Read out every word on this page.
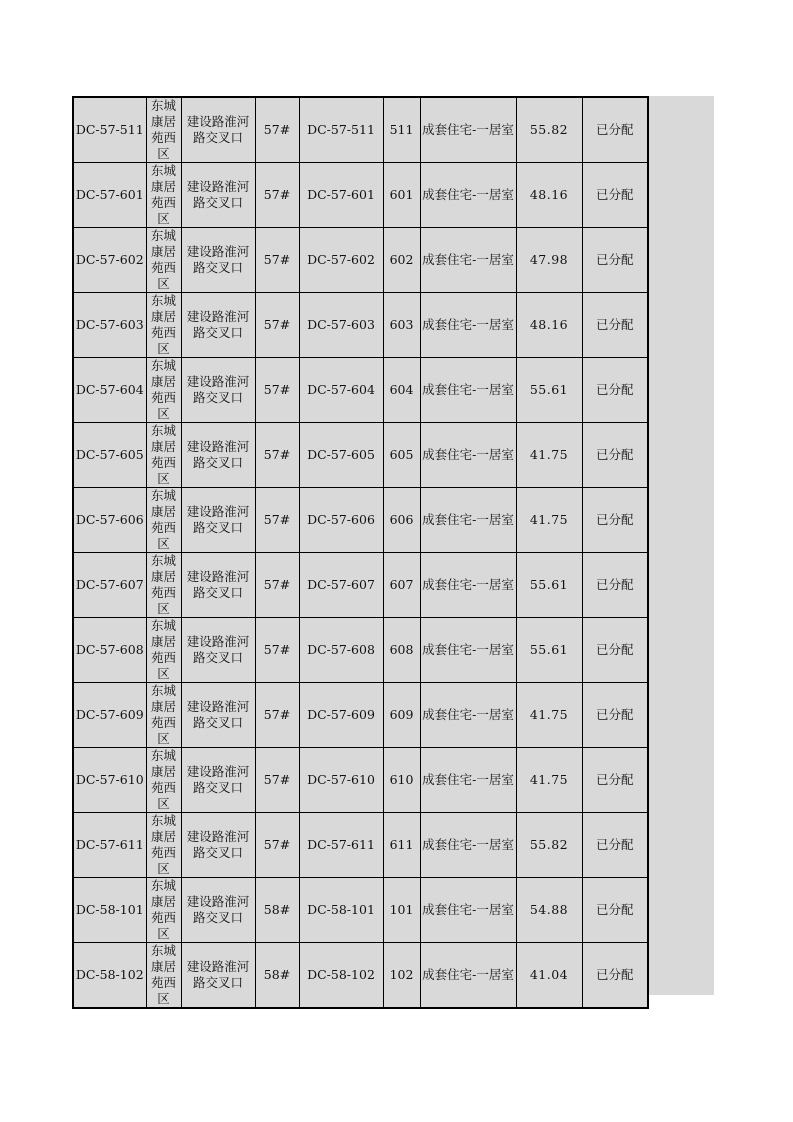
DC-57-511	东城
康居
苑西
区	建设路淮河路交叉口	57#	DC-57-511	511	成套住宅-一居室	55.82	已分配
DC-57-601	东城
康居
苑西
区	建设路淮河路交叉口	57#	DC-57-601	601	成套住宅-一居室	48.16	已分配
DC-57-602	东城
康居
苑西
区	建设路淮河路交叉口	57#	DC-57-602	602	成套住宅-一居室	47.98	已分配
DC-57-603	东城
康居
苑西
区	建设路淮河路交叉口	57#	DC-57-603	603	成套住宅-一居室	48.16	已分配
DC-57-604	东城
康居
苑西
区	建设路淮河路交叉口	57#	DC-57-604	604	成套住宅-一居室	55.61	已分配
DC-57-605	东城
康居
苑西
区	建设路淮河路交叉口	57#	DC-57-605	605	成套住宅-一居室	41.75	已分配
DC-57-606	东城
康居
苑西
区	建设路淮河路交叉口	57#	DC-57-606	606	成套住宅-一居室	41.75	已分配
DC-57-607	东城
康居
苑西
区	建设路淮河路交叉口	57#	DC-57-607	607	成套住宅-一居室	55.61	已分配
DC-57-608	东城
康居
苑西
区	建设路淮河路交叉口	57#	DC-57-608	608	成套住宅-一居室	55.61	已分配
DC-57-609	东城
康居
苑西
区	建设路淮河路交叉口	57#	DC-57-609	609	成套住宅-一居室	41.75	已分配
DC-57-610	东城
康居
苑西
区	建设路淮河路交叉口	57#	DC-57-610	610	成套住宅-一居室	41.75	已分配
DC-57-611	东城
康居
苑西
区	建设路淮河路交叉口	57#	DC-57-611	611	成套住宅-一居室	55.82	已分配
DC-58-101	东城
康居
苑西
区	建设路淮河路交叉口	58#	DC-58-101	101	成套住宅-一居室	54.88	已分配
DC-58-102	东城
康居
苑西
区	建设路淮河路交叉口	58#	DC-58-102	102	成套住宅-一居室	41.04	已分配
